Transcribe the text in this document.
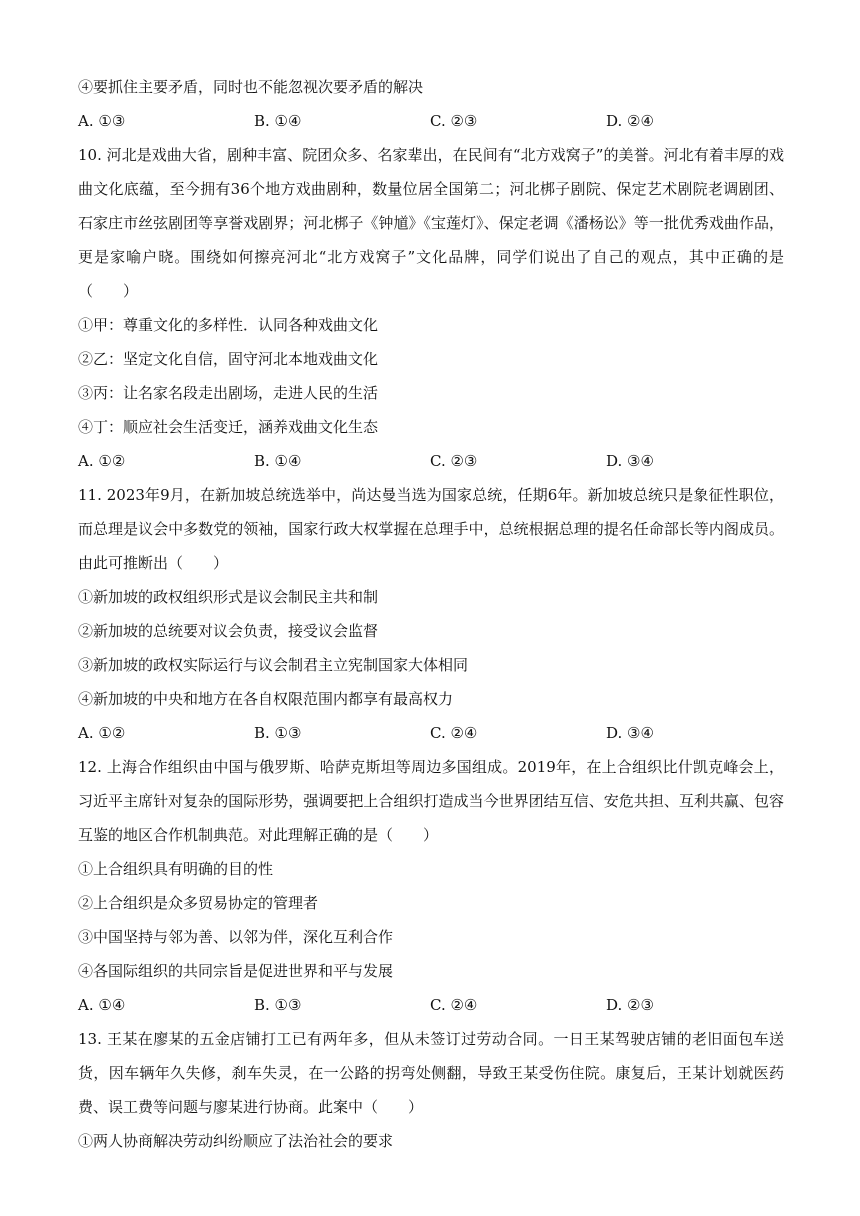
④要抓住主要矛盾，同时也不能忽视次要矛盾的解决
A. ①③	B. ①④	C. ②③	D. ②④
10. 河北是戏曲大省，剧种丰富、院团众多、名家辈出，在民间有“北方戏窝子”的美誉。河北有着丰厚的戏曲文化底蕴，至今拥有36个地方戏曲剧种，数量位居全国第二；河北梆子剧院、保定艺术剧院老调剧团、石家庄市丝弦剧团等享誉戏剧界；河北梆子《钟馗》《宝莲灯》、保定老调《潘杨讼》等一批优秀戏曲作品，更是家喻户晓。围绕如何擦亮河北“北方戏窝子”文化品牌，同学们说出了自己的观点，其中正确的是（　　）
①甲：尊重文化的多样性．认同各种戏曲文化
②乙：坚定文化自信，固守河北本地戏曲文化
③丙：让名家名段走出剧场，走进人民的生活
④丁：顺应社会生活变迁，涵养戏曲文化生态
A. ①②	B. ①④	C. ②③	D. ③④
11. 2023年9月，在新加坡总统选举中，尚达曼当选为国家总统，任期6年。新加坡总统只是象征性职位，而总理是议会中多数党的领袖，国家行政大权掌握在总理手中，总统根据总理的提名任命部长等内阁成员。由此可推断出（　　）
①新加坡的政权组织形式是议会制民主共和制
②新加坡的总统要对议会负责，接受议会监督
③新加坡的政权实际运行与议会制君主立宪制国家大体相同
④新加坡的中央和地方在各自权限范围内都享有最高权力
A. ①②	B. ①③	C. ②④	D. ③④
12. 上海合作组织由中国与俄罗斯、哈萨克斯坦等周边多国组成。2019年，在上合组织比什凯克峰会上，习近平主席针对复杂的国际形势，强调要把上合组织打造成当今世界团结互信、安危共担、互利共赢、包容互鉴的地区合作机制典范。对此理解正确的是（　　）
①上合组织具有明确的目的性
②上合组织是众多贸易协定的管理者
③中国坚持与邻为善、以邻为伴，深化互利合作
④各国际组织的共同宗旨是促进世界和平与发展
A. ①④	B. ①③	C. ②④	D. ②③
13. 王某在廖某的五金店铺打工已有两年多，但从未签订过劳动合同。一日王某驾驶店铺的老旧面包车送货，因车辆年久失修，刹车失灵，在一公路的拐弯处侧翻，导致王某受伤住院。康复后，王某计划就医药费、误工费等问题与廖某进行协商。此案中（　　）
①两人协商解决劳动纠纷顺应了法治社会的要求
